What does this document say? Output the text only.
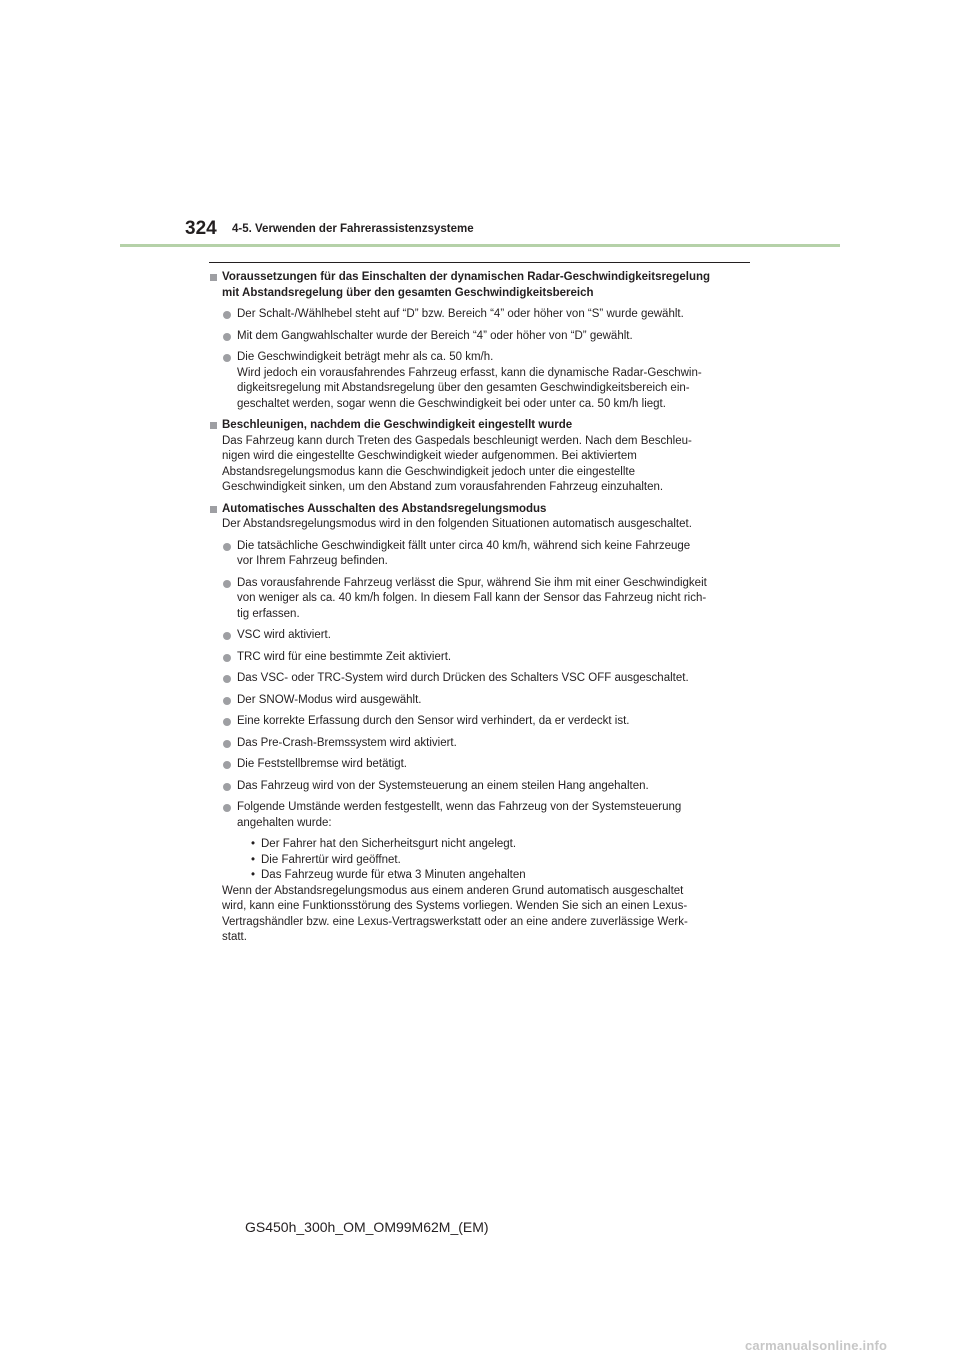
324 4-5. Verwenden der Fahrerassistenzsysteme
Voraussetzungen für das Einschalten der dynamischen Radar-Geschwindigkeitsregelung
mit Abstandsregelung über den gesamten Geschwindigkeitsbereich
Der Schalt-/Wählhebel steht auf “D” bzw. Bereich “4” oder höher von “S” wurde gewählt.
Mit dem Gangwahlschalter wurde der Bereich “4” oder höher von “D” gewählt.
Die Geschwindigkeit beträgt mehr als ca. 50 km/h.
Wird jedoch ein vorausfahrendes Fahrzeug erfasst, kann die dynamische Radar-Geschwin-
digkeitsregelung mit Abstandsregelung über den gesamten Geschwindigkeitsbereich ein-
geschaltet werden, sogar wenn die Geschwindigkeit bei oder unter ca. 50 km/h liegt.
Beschleunigen, nachdem die Geschwindigkeit eingestellt wurde
Das Fahrzeug kann durch Treten des Gaspedals beschleunigt werden. Nach dem Beschleu-
nigen wird die eingestellte Geschwindigkeit wieder aufgenommen. Bei aktiviertem
Abstandsregelungsmodus kann die Geschwindigkeit jedoch unter die eingestellte
Geschwindigkeit sinken, um den Abstand zum vorausfahrenden Fahrzeug einzuhalten.
Automatisches Ausschalten des Abstandsregelungsmodus
Der Abstandsregelungsmodus wird in den folgenden Situationen automatisch ausgeschaltet.
Die tatsächliche Geschwindigkeit fällt unter circa 40 km/h, während sich keine Fahrzeuge
vor Ihrem Fahrzeug befinden.
Das vorausfahrende Fahrzeug verlässt die Spur, während Sie ihm mit einer Geschwindigkeit
von weniger als ca. 40 km/h folgen. In diesem Fall kann der Sensor das Fahrzeug nicht rich-
tig erfassen.
VSC wird aktiviert.
TRC wird für eine bestimmte Zeit aktiviert.
Das VSC- oder TRC-System wird durch Drücken des Schalters VSC OFF ausgeschaltet.
Der SNOW-Modus wird ausgewählt.
Eine korrekte Erfassung durch den Sensor wird verhindert, da er verdeckt ist.
Das Pre-Crash-Bremssystem wird aktiviert.
Die Feststellbremse wird betätigt.
Das Fahrzeug wird von der Systemsteuerung an einem steilen Hang angehalten.
Folgende Umstände werden festgestellt, wenn das Fahrzeug von der Systemsteuerung
angehalten wurde:
• Der Fahrer hat den Sicherheitsgurt nicht angelegt.
• Die Fahrertür wird geöffnet.
• Das Fahrzeug wurde für etwa 3 Minuten angehalten
Wenn der Abstandsregelungsmodus aus einem anderen Grund automatisch ausgeschaltet
wird, kann eine Funktionsstörung des Systems vorliegen. Wenden Sie sich an einen Lexus-
Vertragshändler bzw. eine Lexus-Vertragswerkstatt oder an eine andere zuverlässige Werk-
statt.
GS450h_300h_OM_OM99M62M_(EM)
carmanualsonline.info
